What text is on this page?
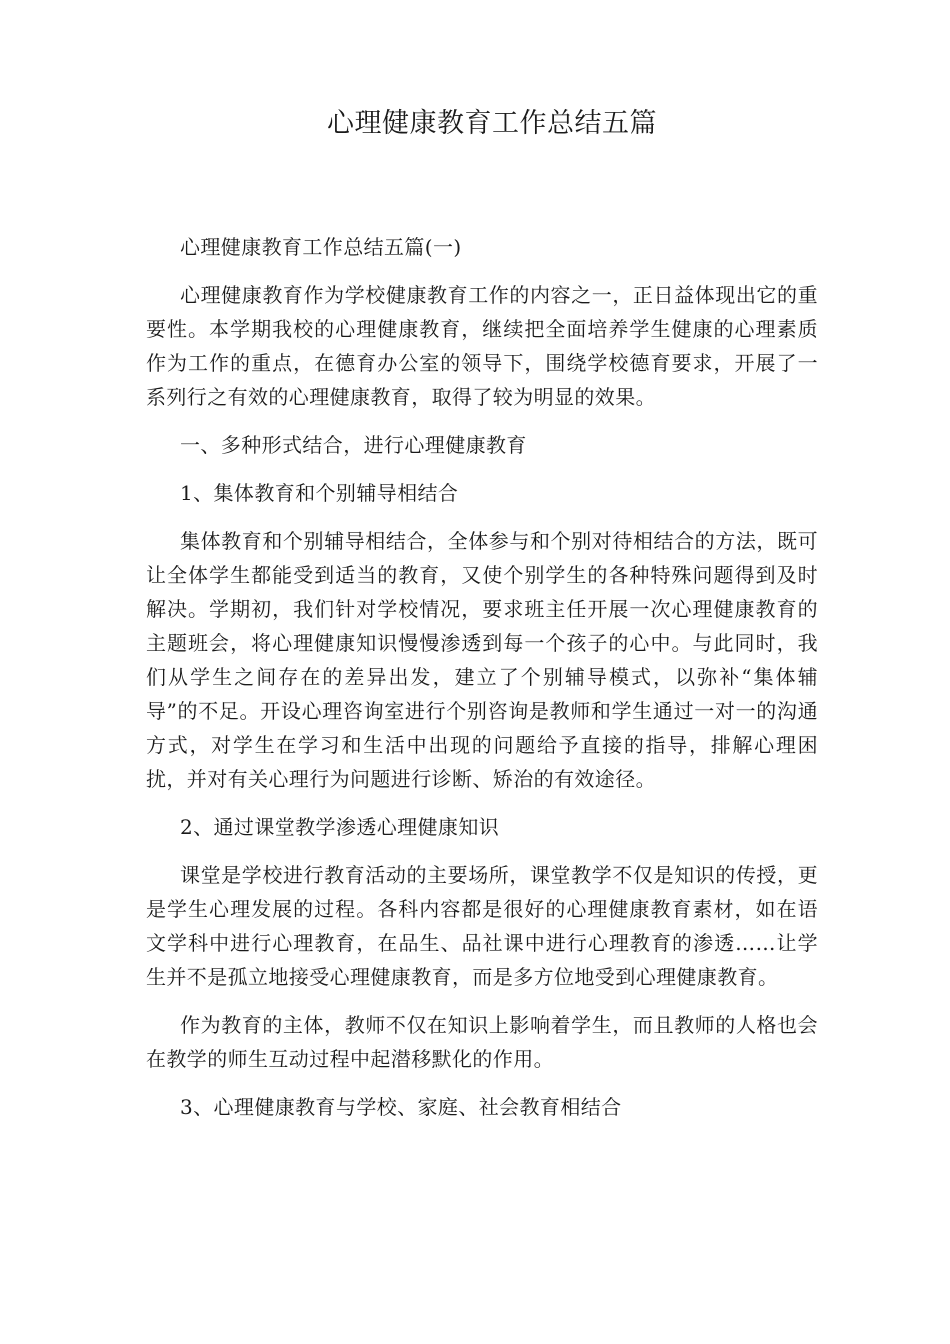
心理健康教育工作总结五篇

心理健康教育工作总结五篇(一)

心理健康教育作为学校健康教育工作的内容之一，正日益体现出它的重要性。本学期我校的心理健康教育，继续把全面培养学生健康的心理素质作为工作的重点，在德育办公室的领导下，围绕学校德育要求，开展了一系列行之有效的心理健康教育，取得了较为明显的效果。

一、多种形式结合，进行心理健康教育

1、集体教育和个别辅导相结合

集体教育和个别辅导相结合，全体参与和个别对待相结合的方法，既可让全体学生都能受到适当的教育，又使个别学生的各种特殊问题得到及时解决。学期初，我们针对学校情况，要求班主任开展一次心理健康教育的主题班会，将心理健康知识慢慢渗透到每一个孩子的心中。与此同时，我们从学生之间存在的差异出发，建立了个别辅导模式，以弥补“集体辅导”的不足。开设心理咨询室进行个别咨询是教师和学生通过一对一的沟通方式，对学生在学习和生活中出现的问题给予直接的指导，排解心理困扰，并对有关心理行为问题进行诊断、矫治的有效途径。

2、通过课堂教学渗透心理健康知识

课堂是学校进行教育活动的主要场所，课堂教学不仅是知识的传授，更是学生心理发展的过程。各科内容都是很好的心理健康教育素材，如在语文学科中进行心理教育，在品生、品社课中进行心理教育的渗透……让学生并不是孤立地接受心理健康教育，而是多方位地受到心理健康教育。

作为教育的主体，教师不仅在知识上影响着学生，而且教师的人格也会在教学的师生互动过程中起潜移默化的作用。

3、心理健康教育与学校、家庭、社会教育相结合
